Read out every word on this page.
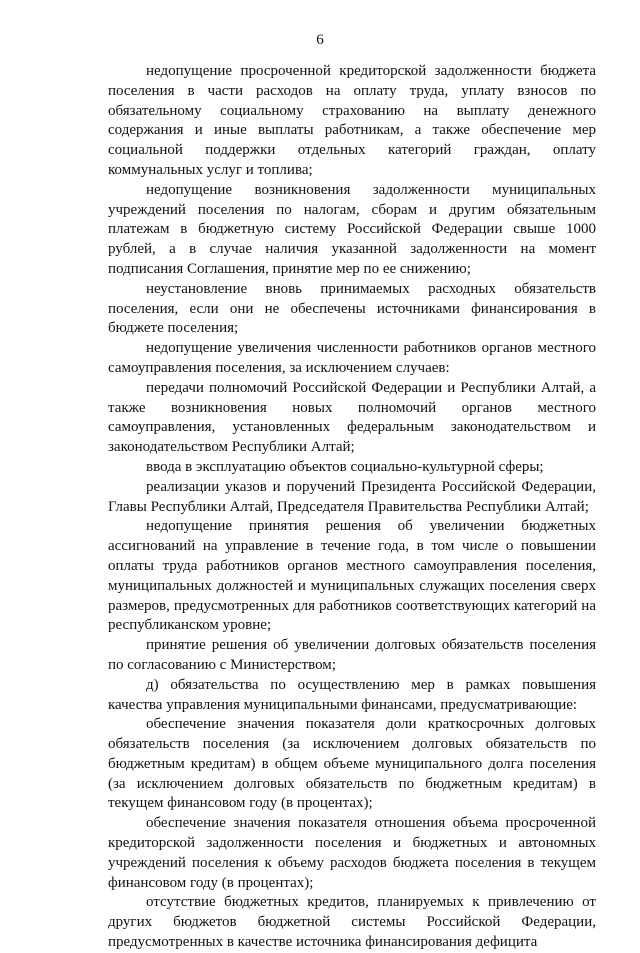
6

недопущение просроченной кредиторской задолженности бюджета поселения в части расходов на оплату труда, уплату взносов по обязательному социальному страхованию на выплату денежного содержания и иные выплаты работникам, а также обеспечение мер социальной поддержки отдельных категорий граждан, оплату коммунальных услуг и топлива;

недопущение возникновения задолженности муниципальных учреждений поселения по налогам, сборам и другим обязательным платежам в бюджетную систему Российской Федерации свыше 1000 рублей, а в случае наличия указанной задолженности на момент подписания Соглашения, принятие мер по ее снижению;

неустановление вновь принимаемых расходных обязательств поселения, если они не обеспечены источниками финансирования в бюджете поселения;

недопущение увеличения численности работников органов местного самоуправления поселения, за исключением случаев:

передачи полномочий Российской Федерации и Республики Алтай, а также возникновения новых полномочий органов местного самоуправления, установленных федеральным законодательством и законодательством Республики Алтай;

ввода в эксплуатацию объектов социально-культурной сферы;

реализации указов и поручений Президента Российской Федерации, Главы Республики Алтай, Председателя Правительства Республики Алтай;

недопущение принятия решения об увеличении бюджетных ассигнований на управление в течение года, в том числе о повышении оплаты труда работников органов местного самоуправления поселения, муниципальных должностей и муниципальных служащих поселения сверх размеров, предусмотренных для работников соответствующих категорий на республиканском уровне;

принятие решения об увеличении долговых обязательств поселения по согласованию с Министерством;

д) обязательства по осуществлению мер в рамках повышения качества управления муниципальными финансами, предусматривающие:

обеспечение значения показателя доли краткосрочных долговых обязательств поселения (за исключением долговых обязательств по бюджетным кредитам) в общем объеме муниципального долга поселения (за исключением долговых обязательств по бюджетным кредитам) в текущем финансовом году (в процентах);

обеспечение значения показателя отношения объема просроченной кредиторской задолженности поселения и бюджетных и автономных учреждений поселения к объему расходов бюджета поселения в текущем финансовом году (в процентах);

отсутствие бюджетных кредитов, планируемых к привлечению от других бюджетов бюджетной системы Российской Федерации, предусмотренных в качестве источника финансирования дефицита
